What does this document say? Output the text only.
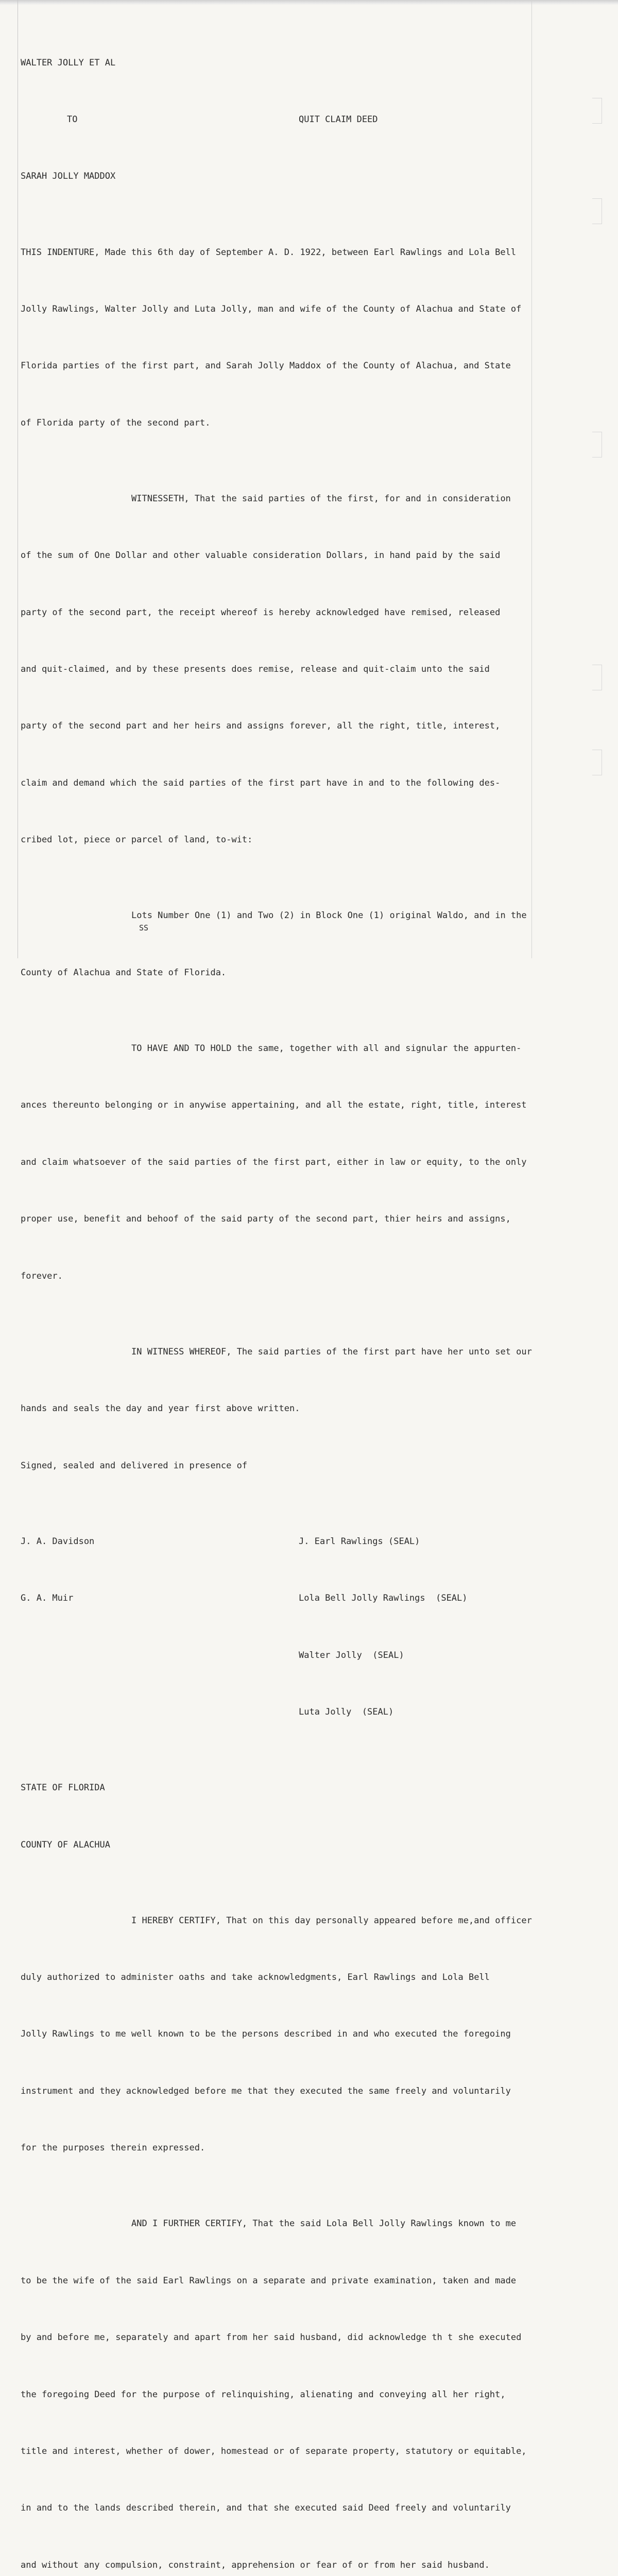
WALTER JOLLY ET AL

TO	QUIT CLAIM DEED

SARAH JOLLY MADDOX

THIS INDENTURE, Made this 6th day of September A. D. 1922, between Earl Rawlings and Lola Bell

Jolly Rawlings, Walter Jolly and Luta Jolly, man and wife of the County of Alachua and State of

Florida parties of the first part, and Sarah Jolly Maddox of the County of Alachua, and State

of Florida party of the second part.

WITNESSETH, That the said parties of the first, for and in consideration

of the sum of One Dollar and other valuable consideration Dollars, in hand paid by the said

party of the second part, the receipt whereof is hereby acknowledged have remised, released

and quit-claimed, and by these presents does remise, release and quit-claim unto the said

party of the second part and her heirs and assigns forever, all the right, title, interest,

claim and demand which the said parties of the first part have in and to the following des-

cribed lot, piece or parcel of land, to-wit:

Lots Number One (1) and Two (2) in Block One (1) original Waldo, and in the

County of Alachua and State of Florida.

TO HAVE AND TO HOLD the same, together with all and signular the appurten-

ances thereunto belonging or in anywise appertaining, and all the estate, right, title, interest

and claim whatsoever of the said parties of the first part, either in law or equity, to the only

proper use, benefit and behoof of the said party of the second part, thier heirs and assigns,

forever.

IN WITNESS WHEREOF, The said parties of the first part have her unto set our

hands and seals the day and year first above written.

Signed, sealed and delivered in presence of

J. A. Davidson	J. Earl Rawlings (SEAL)

G. A. Muir	Lola Bell Jolly Rawlings  (SEAL)

Walter Jolly  (SEAL)

Luta Jolly  (SEAL)

STATE OF FLORIDA

COUNTY OF ALACHUA

I HEREBY CERTIFY, That on this day personally appeared before me,and officer

duly authorized to administer oaths and take acknowledgments, Earl Rawlings and Lola Bell

Jolly Rawlings to me well known to be the persons described in and who executed the foregoing

instrument and they acknowledged before me that they executed the same freely and voluntarily

for the purposes therein expressed.

AND I FURTHER CERTIFY, That the said Lola Bell Jolly Rawlings known to me

to be the wife of the said Earl Rawlings on a separate and private examination, taken and made

by and before me, separately and apart from her said husband, did acknowledge th t she executed

the foregoing Deed for the purpose of relinquishing, alienating and conveying all her right,

title and interest, whether of dower, homestead or of separate property, statutory or equitable,

in and to the lands described therein, and that she executed said Deed freely and voluntarily

and without any compulsion, constraint, apprehension or fear of or from her said husband.

SS
